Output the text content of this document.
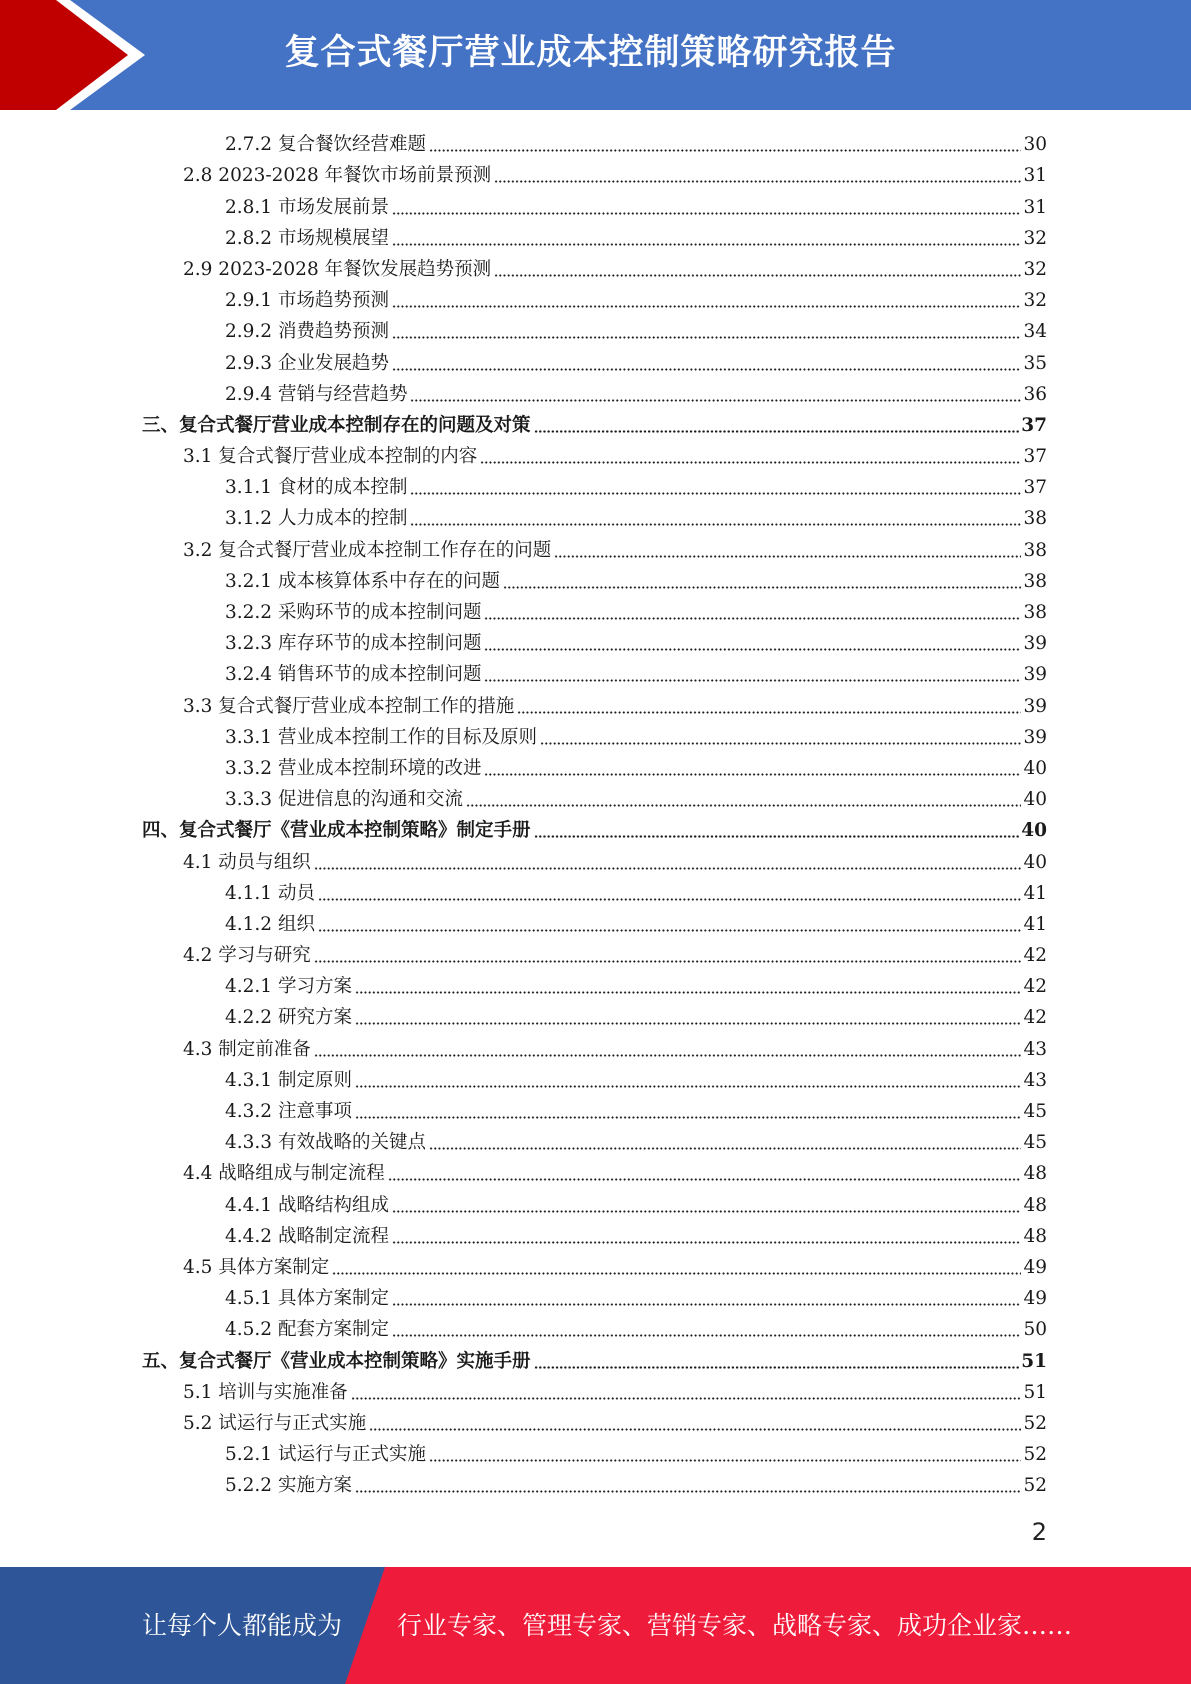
复合式餐厅营业成本控制策略研究报告
2.7.2 复合餐饮经营难题	30
2.8 2023-2028 年餐饮市场前景预测	31
2.8.1 市场发展前景	31
2.8.2 市场规模展望	32
2.9 2023-2028 年餐饮发展趋势预测	32
2.9.1 市场趋势预测	32
2.9.2 消费趋势预测	34
2.9.3 企业发展趋势	35
2.9.4 营销与经营趋势	36
三、复合式餐厅营业成本控制存在的问题及对策	37
3.1 复合式餐厅营业成本控制的内容	37
3.1.1 食材的成本控制	37
3.1.2 人力成本的控制	38
3.2 复合式餐厅营业成本控制工作存在的问题	38
3.2.1 成本核算体系中存在的问题	38
3.2.2 采购环节的成本控制问题	38
3.2.3 库存环节的成本控制问题	39
3.2.4 销售环节的成本控制问题	39
3.3 复合式餐厅营业成本控制工作的措施	39
3.3.1 营业成本控制工作的目标及原则	39
3.3.2 营业成本控制环境的改进	40
3.3.3 促进信息的沟通和交流	40
四、复合式餐厅《营业成本控制策略》制定手册	40
4.1 动员与组织	40
4.1.1 动员	41
4.1.2 组织	41
4.2 学习与研究	42
4.2.1 学习方案	42
4.2.2 研究方案	42
4.3 制定前准备	43
4.3.1 制定原则	43
4.3.2 注意事项	45
4.3.3 有效战略的关键点	45
4.4 战略组成与制定流程	48
4.4.1 战略结构组成	48
4.4.2 战略制定流程	48
4.5 具体方案制定	49
4.5.1 具体方案制定	49
4.5.2 配套方案制定	50
五、复合式餐厅《营业成本控制策略》实施手册	51
5.1 培训与实施准备	51
5.2 试运行与正式实施	52
5.2.1 试运行与正式实施	52
5.2.2 实施方案	52
2
让每个人都能成为 行业专家、管理专家、营销专家、战略专家、成功企业家……
